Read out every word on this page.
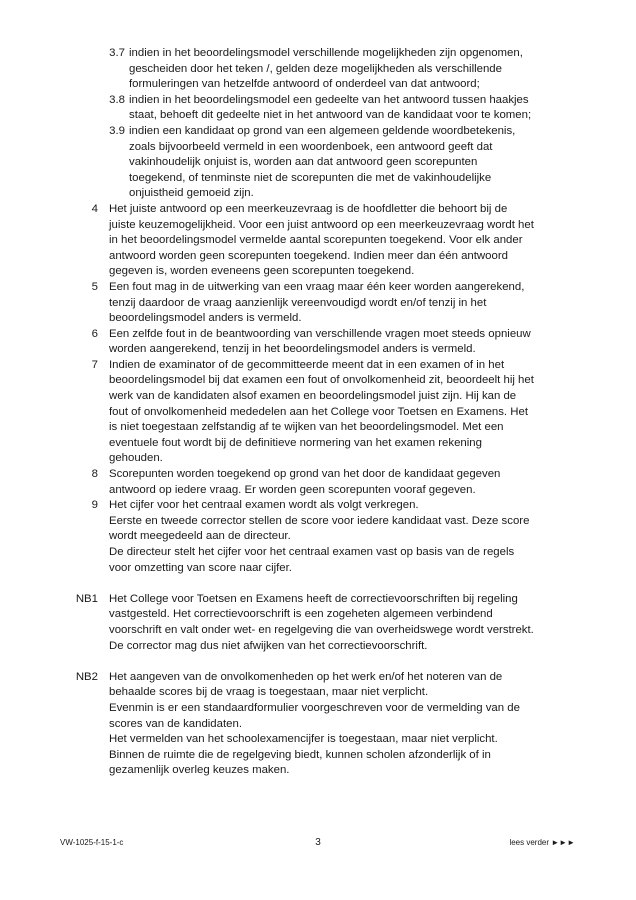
3.7 indien in het beoordelingsmodel verschillende mogelijkheden zijn opgenomen,
gescheiden door het teken /, gelden deze mogelijkheden als verschillende
formuleringen van hetzelfde antwoord of onderdeel van dat antwoord;
3.8 indien in het beoordelingsmodel een gedeelte van het antwoord tussen haakjes
staat, behoeft dit gedeelte niet in het antwoord van de kandidaat voor te komen;
3.9 indien een kandidaat op grond van een algemeen geldende woordbetekenis,
zoals bijvoorbeeld vermeld in een woordenboek, een antwoord geeft dat
vakinhoudelijk onjuist is, worden aan dat antwoord geen scorepunten
toegekend, of tenminste niet de scorepunten die met de vakinhoudelijke
onjuistheid gemoeid zijn.
4 Het juiste antwoord op een meerkeuzevraag is de hoofdletter die behoort bij de
juiste keuzemogelijkheid. Voor een juist antwoord op een meerkeuzevraag wordt het
in het beoordelingsmodel vermelde aantal scorepunten toegekend. Voor elk ander
antwoord worden geen scorepunten toegekend. Indien meer dan één antwoord
gegeven is, worden eveneens geen scorepunten toegekend.
5 Een fout mag in de uitwerking van een vraag maar één keer worden aangerekend,
tenzij daardoor de vraag aanzienlijk vereenvoudigd wordt en/of tenzij in het
beoordelingsmodel anders is vermeld.
6 Een zelfde fout in de beantwoording van verschillende vragen moet steeds opnieuw
worden aangerekend, tenzij in het beoordelingsmodel anders is vermeld.
7 Indien de examinator of de gecommitteerde meent dat in een examen of in het
beoordelingsmodel bij dat examen een fout of onvolkomenheid zit, beoordeelt hij het
werk van de kandidaten alsof examen en beoordelingsmodel juist zijn. Hij kan de
fout of onvolkomenheid mededelen aan het College voor Toetsen en Examens. Het
is niet toegestaan zelfstandig af te wijken van het beoordelingsmodel. Met een
eventuele fout wordt bij de definitieve normering van het examen rekening
gehouden.
8 Scorepunten worden toegekend op grond van het door de kandidaat gegeven
antwoord op iedere vraag. Er worden geen scorepunten vooraf gegeven.
9 Het cijfer voor het centraal examen wordt als volgt verkregen.
Eerste en tweede corrector stellen de score voor iedere kandidaat vast. Deze score
wordt meegedeeld aan de directeur.
De directeur stelt het cijfer voor het centraal examen vast op basis van de regels
voor omzetting van score naar cijfer.
NB1 Het College voor Toetsen en Examens heeft de correctievoorschriften bij regeling
vastgesteld. Het correctievoorschrift is een zogeheten algemeen verbindend
voorschrift en valt onder wet- en regelgeving die van overheidswege wordt verstrekt.
De corrector mag dus niet afwijken van het correctievoorschrift.
NB2 Het aangeven van de onvolkomenheden op het werk en/of het noteren van de
behaalde scores bij de vraag is toegestaan, maar niet verplicht.
Evenmin is er een standaardformulier voorgeschreven voor de vermelding van de
scores van de kandidaten.
Het vermelden van het schoolexamencijfer is toegestaan, maar niet verplicht.
Binnen de ruimte die de regelgeving biedt, kunnen scholen afzonderlijk of in
gezamenlijk overleg keuzes maken.
VW-1025-f-15-1-c	3	lees verder ►►►
